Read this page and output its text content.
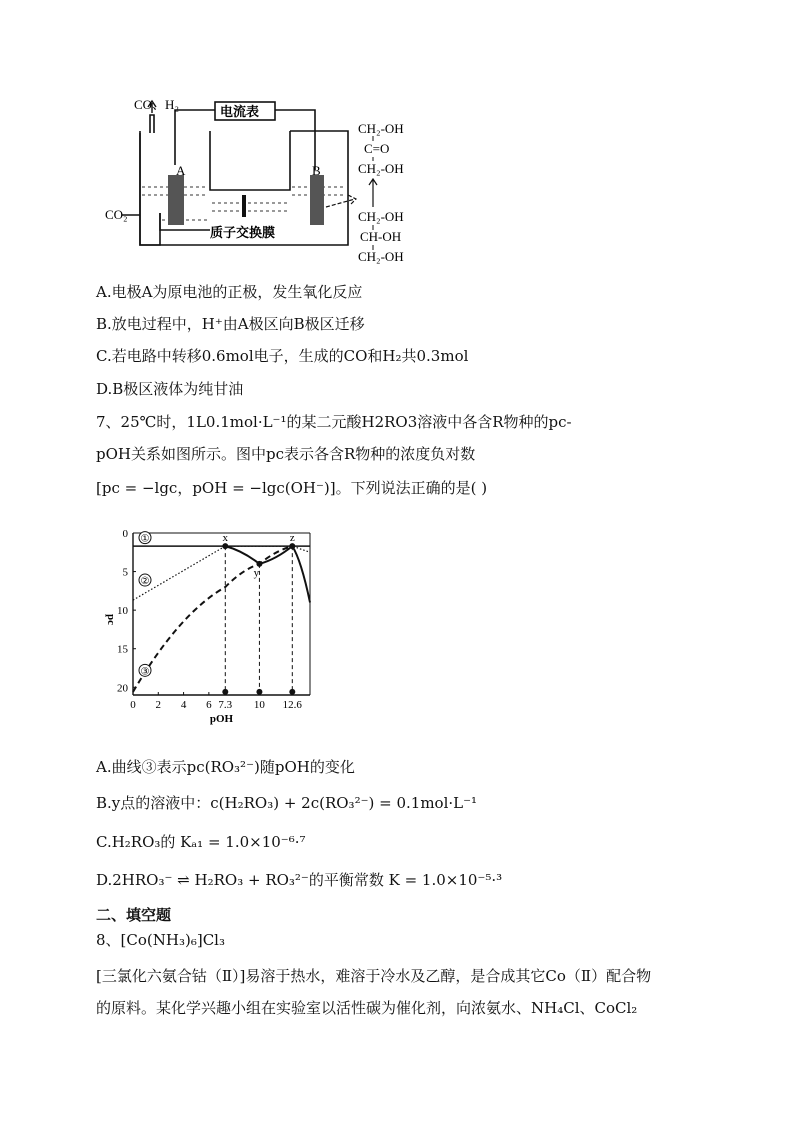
CO、H₂	电流表
A	B
CO₂
质子交换膜
CH₂-OH
C=O
CH₂-OH
CH₂-OH
CH-OH
CH₂-OH
A.电极A为原电池的正极，发生氧化反应
B.放电过程中，H⁺由A极区向B极区迁移
C.若电路中转移0.6mol电子，生成的CO和H₂共0.3mol
D.B极区液体为纯甘油
7、25℃时，1L0.1mol·L⁻¹的某二元酸H2RO3溶液中各含R物种的pc-
pOH关系如图所示。图中pc表示各含R物种的浓度负对数
[pc = −lgc，pOH = −lgc(OH⁻)]。下列说法正确的是( )
0 2 4 6 7.3 10 12.6
0
5
10
15
20
pOH
pc
①
②
③
x
y
z
A.曲线③表示pc(RO₃²⁻)随pOH的变化
B.y点的溶液中：c(H₂RO₃) + 2c(RO₃²⁻) = 0.1mol·L⁻¹
C.H₂RO₃的 Kₐ₁ = 1.0×10⁻⁶·⁷
D.2HRO₃⁻ ⇌ H₂RO₃ + RO₃²⁻的平衡常数 K = 1.0×10⁻⁵·³
二、填空题
8、[Co(NH₃)₆]Cl₃
[三氯化六氨合钴（Ⅱ）]易溶于热水，难溶于冷水及乙醇，是合成其它Co（Ⅱ）配合物
的原料。某化学兴趣小组在实验室以活性碳为催化剂，向浓氨水、NH₄Cl、CoCl₂
